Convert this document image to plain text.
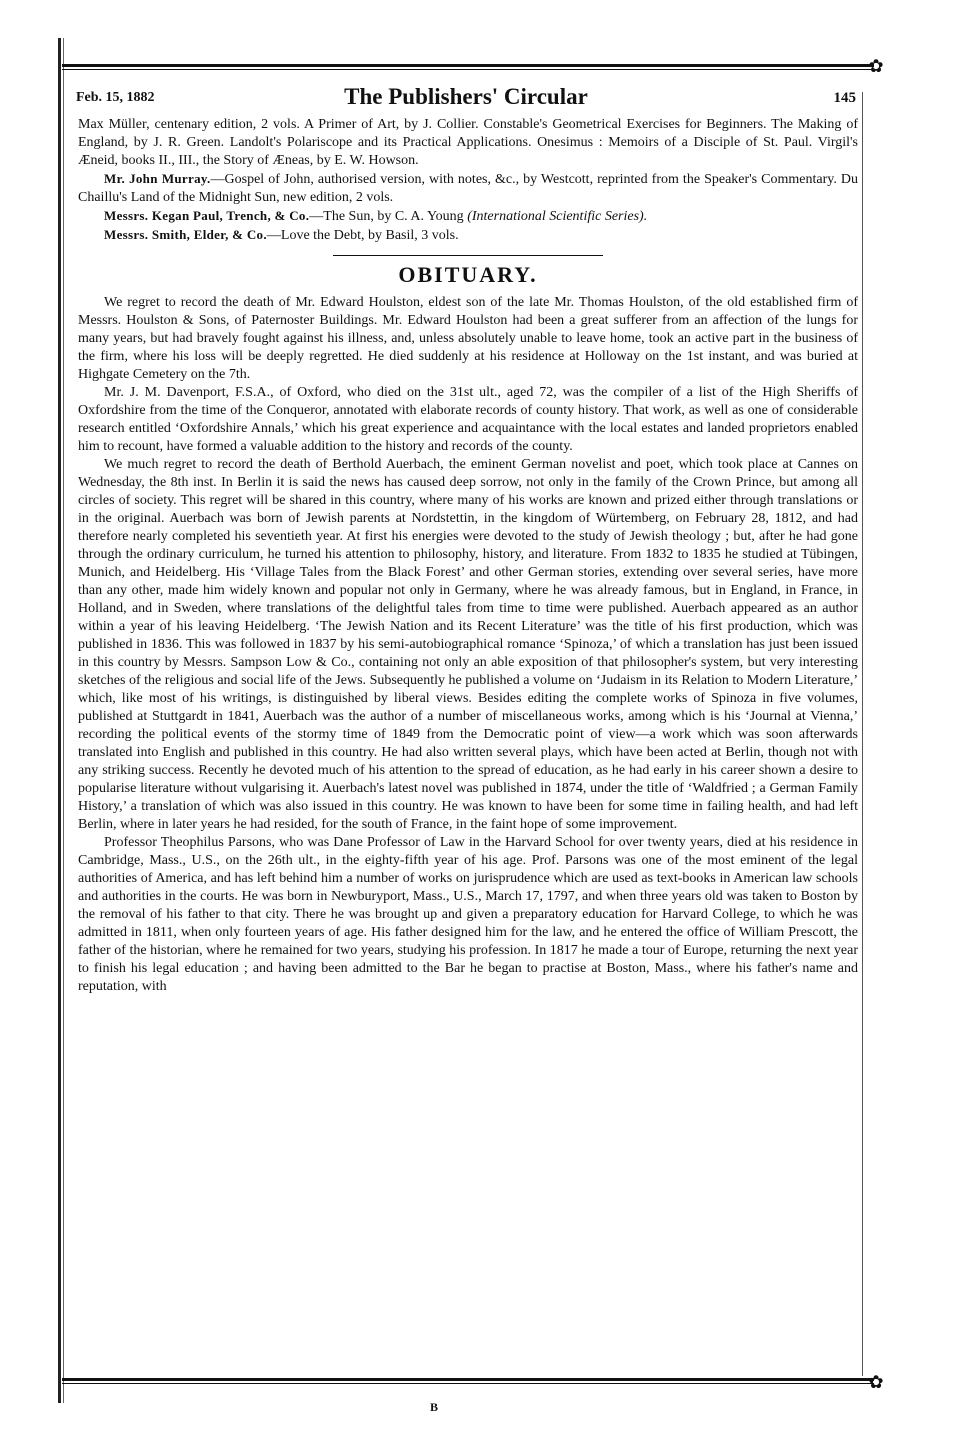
✿
✿
Feb. 15, 1882	The Publishers' Circular	145

Max Müller, centenary edition, 2 vols. A Primer of Art, by J. Collier. Constable's Geometrical Exercises for Beginners. The Making of England, by J. R. Green. Landolt's Polariscope and its Practical Applications. Onesimus : Memoirs of a Disciple of St. Paul. Virgil's Æneid, books II., III., the Story of Æneas, by E. W. Howson.

Mr. John Murray.—Gospel of John, authorised version, with notes, &c., by Westcott, reprinted from the Speaker's Commentary. Du Chaillu's Land of the Midnight Sun, new edition, 2 vols.

Messrs. Kegan Paul, Trench, & Co.—The Sun, by C. A. Young (International Scientific Series).

Messrs. Smith, Elder, & Co.—Love the Debt, by Basil, 3 vols.

OBITUARY.

We regret to record the death of Mr. Edward Houlston, eldest son of the late Mr. Thomas Houlston, of the old established firm of Messrs. Houlston & Sons, of Paternoster Buildings. Mr. Edward Houlston had been a great sufferer from an affection of the lungs for many years, but had bravely fought against his illness, and, unless absolutely unable to leave home, took an active part in the business of the firm, where his loss will be deeply regretted. He died suddenly at his residence at Holloway on the 1st instant, and was buried at Highgate Cemetery on the 7th.

Mr. J. M. Davenport, F.S.A., of Oxford, who died on the 31st ult., aged 72, was the compiler of a list of the High Sheriffs of Oxfordshire from the time of the Conqueror, annotated with elaborate records of county history. That work, as well as one of considerable research entitled ‘Oxfordshire Annals,’ which his great experience and acquaintance with the local estates and landed proprietors enabled him to recount, have formed a valuable addition to the history and records of the county.

We much regret to record the death of Berthold Auerbach, the eminent German novelist and poet, which took place at Cannes on Wednesday, the 8th inst. In Berlin it is said the news has caused deep sorrow, not only in the family of the Crown Prince, but among all circles of society. This regret will be shared in this country, where many of his works are known and prized either through translations or in the original. Auerbach was born of Jewish parents at Nordstettin, in the kingdom of Würtemberg, on February 28, 1812, and had therefore nearly completed his seventieth year. At first his energies were devoted to the study of Jewish theology ; but, after he had gone through the ordinary curriculum, he turned his attention to philosophy, history, and literature. From 1832 to 1835 he studied at Tübingen, Munich, and Heidelberg. His ‘Village Tales from the Black Forest’ and other German stories, extending over several series, have more than any other, made him widely known and popular not only in Germany, where he was already famous, but in England, in France, in Holland, and in Sweden, where translations of the delightful tales from time to time were published. Auerbach appeared as an author within a year of his leaving Heidelberg. ‘The Jewish Nation and its Recent Literature’ was the title of his first production, which was published in 1836. This was followed in 1837 by his semi-autobiographical romance ‘Spinoza,’ of which a translation has just been issued in this country by Messrs. Sampson Low & Co., containing not only an able exposition of that philosopher's system, but very interesting sketches of the religious and social life of the Jews. Subsequently he published a volume on ‘Judaism in its Relation to Modern Literature,’ which, like most of his writings, is distinguished by liberal views. Besides editing the complete works of Spinoza in five volumes, published at Stuttgardt in 1841, Auerbach was the author of a number of miscellaneous works, among which is his ‘Journal at Vienna,’ recording the political events of the stormy time of 1849 from the Democratic point of view—a work which was soon afterwards translated into English and published in this country. He had also written several plays, which have been acted at Berlin, though not with any striking success. Recently he devoted much of his attention to the spread of education, as he had early in his career shown a desire to popularise literature without vulgarising it. Auerbach's latest novel was published in 1874, under the title of ‘Waldfried ; a German Family History,’ a translation of which was also issued in this country. He was known to have been for some time in failing health, and had left Berlin, where in later years he had resided, for the south of France, in the faint hope of some improvement.

Professor Theophilus Parsons, who was Dane Professor of Law in the Harvard School for over twenty years, died at his residence in Cambridge, Mass., U.S., on the 26th ult., in the eighty-fifth year of his age. Prof. Parsons was one of the most eminent of the legal authorities of America, and has left behind him a number of works on jurisprudence which are used as text-books in American law schools and authorities in the courts. He was born in Newburyport, Mass., U.S., March 17, 1797, and when three years old was taken to Boston by the removal of his father to that city. There he was brought up and given a preparatory education for Harvard College, to which he was admitted in 1811, when only fourteen years of age. His father designed him for the law, and he entered the office of William Prescott, the father of the historian, where he remained for two years, studying his profession. In 1817 he made a tour of Europe, returning the next year to finish his legal education ; and having been admitted to the Bar he began to practise at Boston, Mass., where his father's name and reputation, with

B
